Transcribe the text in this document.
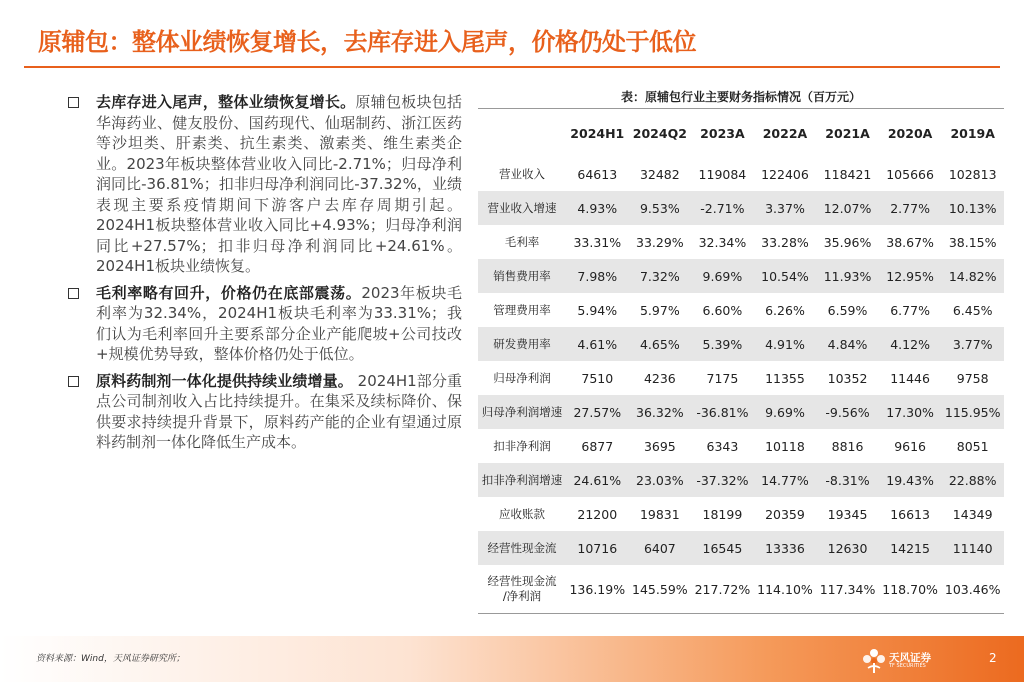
原辅包：整体业绩恢复增长，去库存进入尾声，价格仍处于低位
去库存进入尾声，整体业绩恢复增长。原辅包板块包括华海药业、健友股份、国药现代、仙琚制药、浙江医药等沙坦类、肝素类、抗生素类、激素类、维生素类企业。2023年板块整体营业收入同比-2.71%；归母净利润同比-36.81%；扣非归母净利润同比-37.32%，业绩表现主要系疫情期间下游客户去库存周期引起。2024H1板块整体营业收入同比+4.93%；归母净利润同比+27.57%；扣非归母净利润同比+24.61%。2024H1板块业绩恢复。
毛利率略有回升，价格仍在底部震荡。2023年板块毛利率为32.34%，2024H1板块毛利率为33.31%；我们认为毛利率回升主要系部分企业产能爬坡+公司技改+规模优势导致，整体价格仍处于低位。
原料药制剂一体化提供持续业绩增量。 2024H1部分重点公司制剂收入占比持续提升。在集采及续标降价、保供要求持续提升背景下，原料药产能的企业有望通过原料药制剂一体化降低生产成本。
表：原辅包行业主要财务指标情况（百万元）
	2024H1	2024Q2	2023A	2022A	2021A	2020A	2019A
营业收入	64613	32482	119084	122406	118421	105666	102813
营业收入增速	4.93%	9.53%	-2.71%	3.37%	12.07%	2.77%	10.13%
毛利率	33.31%	33.29%	32.34%	33.28%	35.96%	38.67%	38.15%
销售费用率	7.98%	7.32%	9.69%	10.54%	11.93%	12.95%	14.82%
管理费用率	5.94%	5.97%	6.60%	6.26%	6.59%	6.77%	6.45%
研发费用率	4.61%	4.65%	5.39%	4.91%	4.84%	4.12%	3.77%
归母净利润	7510	4236	7175	11355	10352	11446	9758
归母净利润增速	27.57%	36.32%	-36.81%	9.69%	-9.56%	17.30%	115.95%
扣非净利润	6877	3695	6343	10118	8816	9616	8051
扣非净利润增速	24.61%	23.03%	-37.32%	14.77%	-8.31%	19.43%	22.88%
应收账款	21200	19831	18199	20359	19345	16613	14349
经营性现金流	10716	6407	16545	13336	12630	14215	11140

经营性现金流
/净利润	136.19%	145.59%	217.72%	114.10%	117.34%	118.70%	103.46%
资料来源：Wind，天风证券研究所；	天风证券
TF SECURITIES
2
